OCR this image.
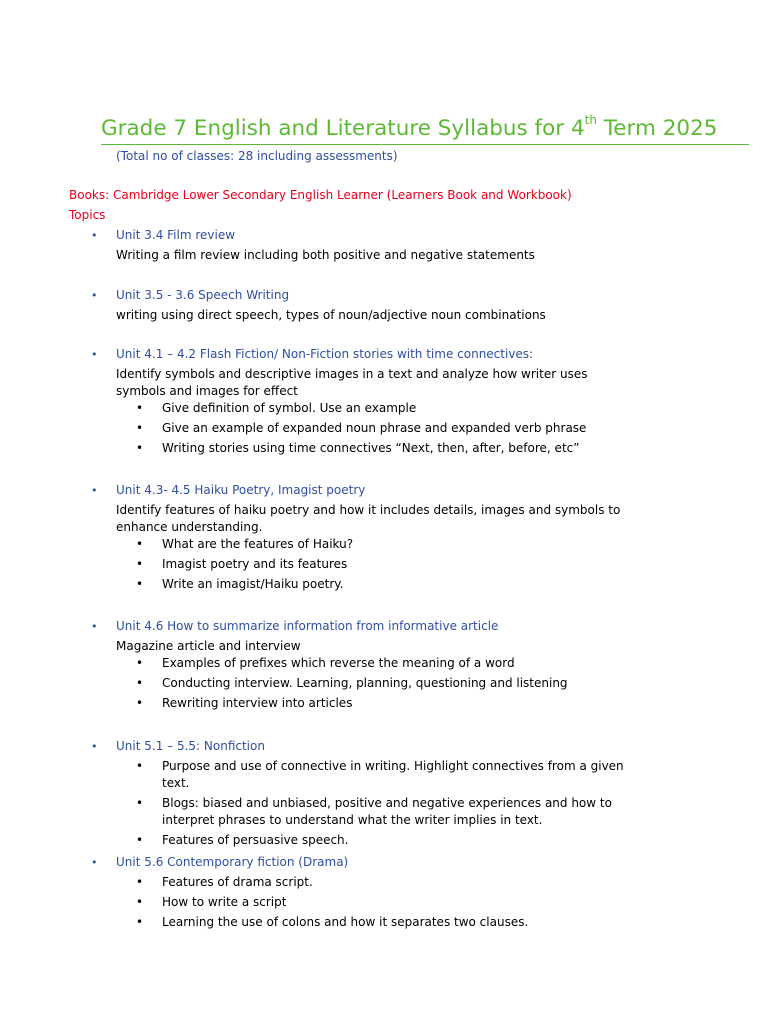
Grade 7 English and Literature Syllabus for 4th Term 2025
(Total no of classes: 28 including assessments)
Books: Cambridge Lower Secondary English Learner (Learners Book and Workbook)
Topics
• Unit 3.4 Film review
Writing a film review including both positive and negative statements
• Unit 3.5 - 3.6 Speech Writing
writing using direct speech, types of noun/adjective noun combinations
• Unit 4.1 – 4.2 Flash Fiction/ Non-Fiction stories with time connectives:
Identify symbols and descriptive images in a text and analyze how writer uses symbols and images for effect
• Give definition of symbol. Use an example
• Give an example of expanded noun phrase and expanded verb phrase
• Writing stories using time connectives “Next, then, after, before, etc”
• Unit 4.3- 4.5 Haiku Poetry, Imagist poetry
Identify features of haiku poetry and how it includes details, images and symbols to enhance understanding.
• What are the features of Haiku?
• Imagist poetry and its features
• Write an imagist/Haiku poetry.
• Unit 4.6 How to summarize information from informative article
Magazine article and interview
• Examples of prefixes which reverse the meaning of a word
• Conducting interview. Learning, planning, questioning and listening
• Rewriting interview into articles
• Unit 5.1 – 5.5: Nonfiction
• Purpose and use of connective in writing. Highlight connectives from a given text.
• Blogs: biased and unbiased, positive and negative experiences and how to interpret phrases to understand what the writer implies in text.
• Features of persuasive speech.
• Unit 5.6 Contemporary fiction (Drama)
• Features of drama script.
• How to write a script
• Learning the use of colons and how it separates two clauses.
